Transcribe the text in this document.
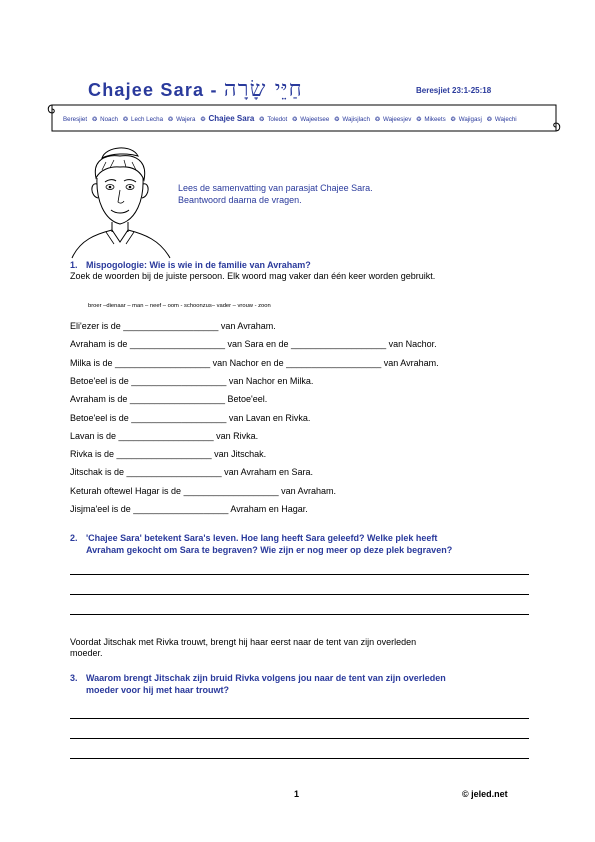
Chajee Sara - חַיֵּי שָׂרָה	Beresjiet 23:1-25:18
Beresjiet ❂ Noach ❂ Lech Lecha ❂ Wajera ❂ Chajee Sara ❂ Toledot ❂ Wajeetsee ❂ Wajisjlach ❂ Wajeesjev ❂ Mikeets ❂ Wajigasj ❂ Wajechi
Lees de samenvatting van parasjat Chajee Sara.
Beantwoord daarna de vragen.
1. Mispogologie: Wie is wie in de familie van Avraham?
Zoek de woorden bij de juiste persoon. Elk woord mag vaker dan één keer worden gebruikt.
broer –dienaar – man – neef – oom - schoonzus– vader – vrouw - zoon
Eli'ezer is de ___________________ van Avraham.
Avraham is de ___________________ van Sara en de ___________________ van Nachor.
Milka is de ___________________ van Nachor en de ___________________ van Avraham.
Betoe'eel is de ___________________ van Nachor en Milka.
Avraham is de ___________________ Betoe'eel.
Betoe'eel is de ___________________ van Lavan en Rivka.
Lavan is de ___________________ van Rivka.
Rivka is de ___________________ van Jitschak.
Jitschak is de ___________________ van Avraham en Sara.
Keturah oftewel Hagar is de ___________________ van Avraham.
Jisjma'eel is de ___________________ Avraham en Hagar.
2. 'Chajee Sara' betekent Sara's leven. Hoe lang heeft Sara geleefd? Welke plek heeft
Avraham gekocht om Sara te begraven? Wie zijn er nog meer op deze plek begraven?
Voordat Jitschak met Rivka trouwt, brengt hij haar eerst naar de tent van zijn overleden
moeder.
3. Waarom brengt Jitschak zijn bruid Rivka volgens jou naar de tent van zijn overleden
moeder voor hij met haar trouwt?
1	© jeled.net
